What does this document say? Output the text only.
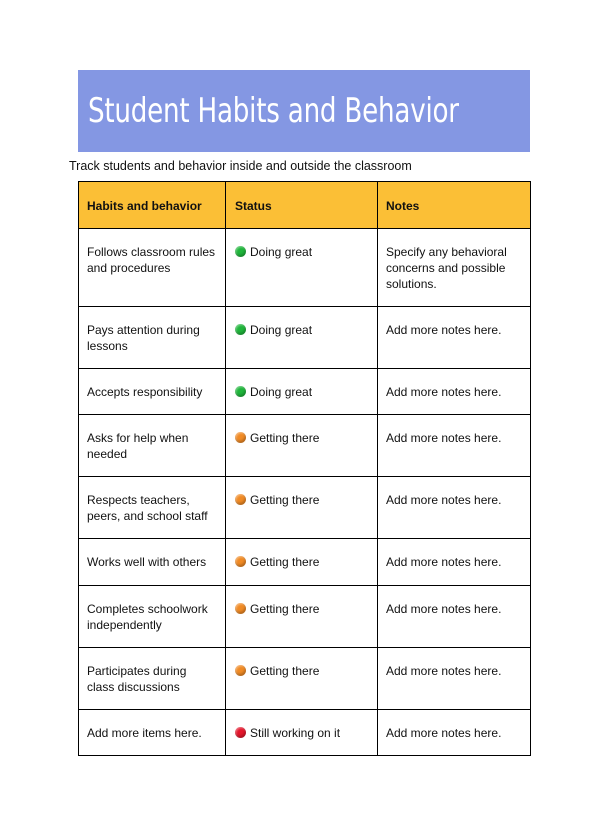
Student Habits and Behavior
Track students and behavior inside and outside the classroom
Habits and behavior	Status	Notes
Follows classroom rules and procedures	Doing great	Specify any behavioral concerns and possible solutions.
Pays attention during lessons	Doing great	Add more notes here.
Accepts responsibility	Doing great	Add more notes here.
Asks for help when needed	Getting there	Add more notes here.
Respects teachers, peers, and school staff	Getting there	Add more notes here.
Works well with others	Getting there	Add more notes here.
Completes schoolwork independently	Getting there	Add more notes here.
Participates during class discussions	Getting there	Add more notes here.
Add more items here.	Still working on it	Add more notes here.
